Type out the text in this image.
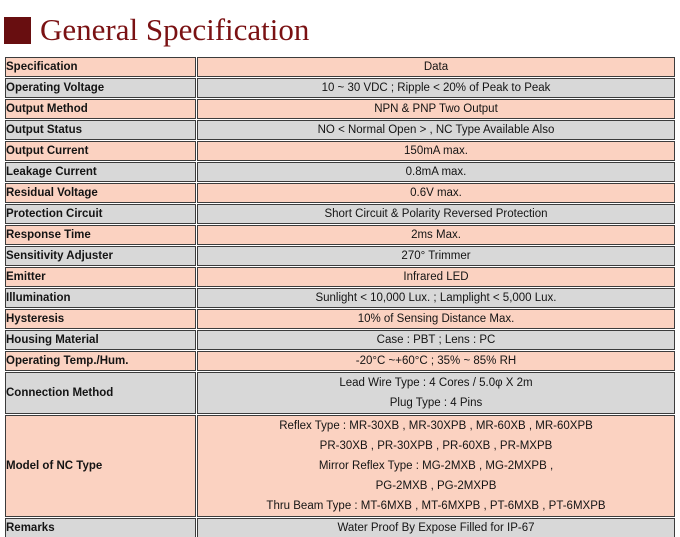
General Specification
Specification	Data

Operating Voltage	10 ~ 30 VDC ; Ripple < 20% of Peak to Peak

Output Method	NPN & PNP Two Output

Output Status	NO < Normal Open > , NC Type Available Also

Output Current	150mA max.

Leakage Current	0.8mA max.

Residual Voltage	0.6V max.

Protection Circuit	Short Circuit & Polarity Reversed Protection

Response Time	2ms Max.

Sensitivity Adjuster	270° Trimmer

Emitter	Infrared LED

Illumination	Sunlight < 10,000 Lux. ; Lamplight < 5,000 Lux.

Hysteresis	10% of Sensing Distance Max.

Housing Material	Case : PBT ; Lens : PC

Operating Temp./Hum.	-20°C ~+60°C ; 35% ~ 85% RH

Connection Method	Lead Wire Type : 4 Cores / 5.0φ X 2m
Plug Type : 4 Pins

Model of NC Type	Reflex Type : MR-30XB , MR-30XPB , MR-60XB , MR-60XPB
PR-30XB , PR-30XPB , PR-60XB , PR-MXPB
Mirror Reflex Type : MG-2MXB , MG-2MXPB ,
PG-2MXB , PG-2MXPB
Thru Beam Type : MT-6MXB , MT-6MXPB , PT-6MXB , PT-6MXPB

Remarks	Water Proof By Expose Filled for IP-67
